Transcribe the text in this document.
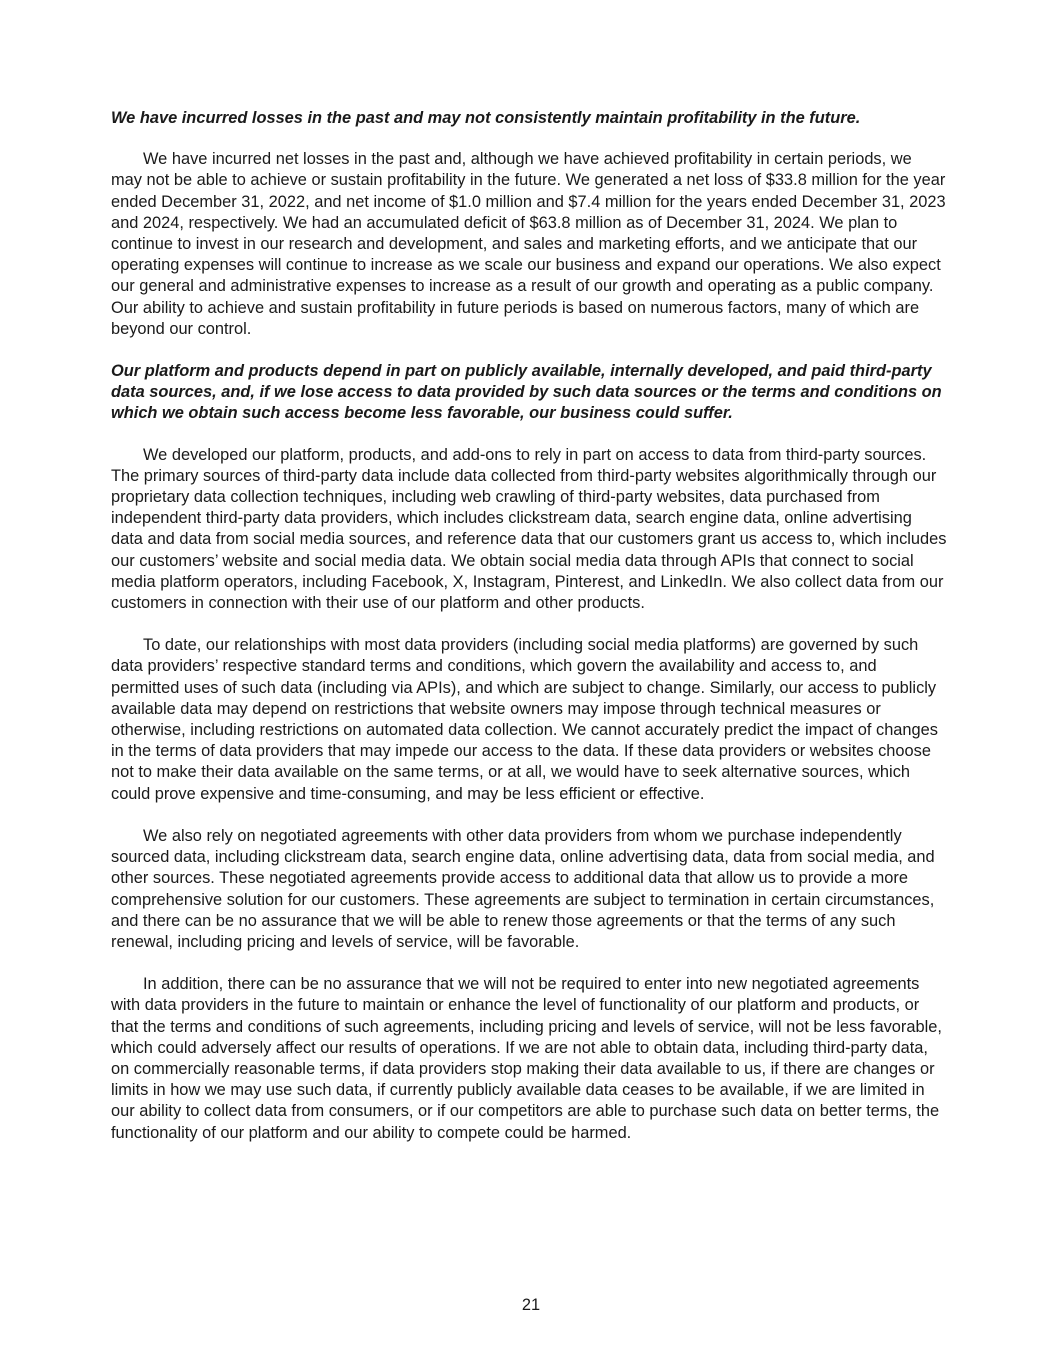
We have incurred losses in the past and may not consistently maintain profitability in the future.

We have incurred net losses in the past and, although we have achieved profitability in certain periods, we may not be able to achieve or sustain profitability in the future. We generated a net loss of $33.8 million for the year ended December 31, 2022, and net income of $1.0 million and $7.4 million for the years ended December 31, 2023 and 2024, respectively. We had an accumulated deficit of $63.8 million as of December 31, 2024. We plan to continue to invest in our research and development, and sales and marketing efforts, and we anticipate that our operating expenses will continue to increase as we scale our business and expand our operations. We also expect our general and administrative expenses to increase as a result of our growth and operating as a public company. Our ability to achieve and sustain profitability in future periods is based on numerous factors, many of which are beyond our control.

Our platform and products depend in part on publicly available, internally developed, and paid third-party data sources, and, if we lose access to data provided by such data sources or the terms and conditions on which we obtain such access become less favorable, our business could suffer.

We developed our platform, products, and add-ons to rely in part on access to data from third-party sources. The primary sources of third-party data include data collected from third-party websites algorithmically through our proprietary data collection techniques, including web crawling of third-party websites, data purchased from independent third-party data providers, which includes clickstream data, search engine data, online advertising data and data from social media sources, and reference data that our customers grant us access to, which includes our customers’ website and social media data. We obtain social media data through APIs that connect to social media platform operators, including Facebook, X, Instagram, Pinterest, and LinkedIn. We also collect data from our customers in connection with their use of our platform and other products.

To date, our relationships with most data providers (including social media platforms) are governed by such data providers’ respective standard terms and conditions, which govern the availability and access to, and permitted uses of such data (including via APIs), and which are subject to change. Similarly, our access to publicly available data may depend on restrictions that website owners may impose through technical measures or otherwise, including restrictions on automated data collection. We cannot accurately predict the impact of changes in the terms of data providers that may impede our access to the data. If these data providers or websites choose not to make their data available on the same terms, or at all, we would have to seek alternative sources, which could prove expensive and time-consuming, and may be less efficient or effective.

We also rely on negotiated agreements with other data providers from whom we purchase independently sourced data, including clickstream data, search engine data, online advertising data, data from social media, and other sources. These negotiated agreements provide access to additional data that allow us to provide a more comprehensive solution for our customers. These agreements are subject to termination in certain circumstances, and there can be no assurance that we will be able to renew those agreements or that the terms of any such renewal, including pricing and levels of service, will be favorable.

In addition, there can be no assurance that we will not be required to enter into new negotiated agreements with data providers in the future to maintain or enhance the level of functionality of our platform and products, or that the terms and conditions of such agreements, including pricing and levels of service, will not be less favorable, which could adversely affect our results of operations. If we are not able to obtain data, including third-party data, on commercially reasonable terms, if data providers stop making their data available to us, if there are changes or limits in how we may use such data, if currently publicly available data ceases to be available, if we are limited in our ability to collect data from consumers, or if our competitors are able to purchase such data on better terms, the functionality of our platform and our ability to compete could be harmed.

21
